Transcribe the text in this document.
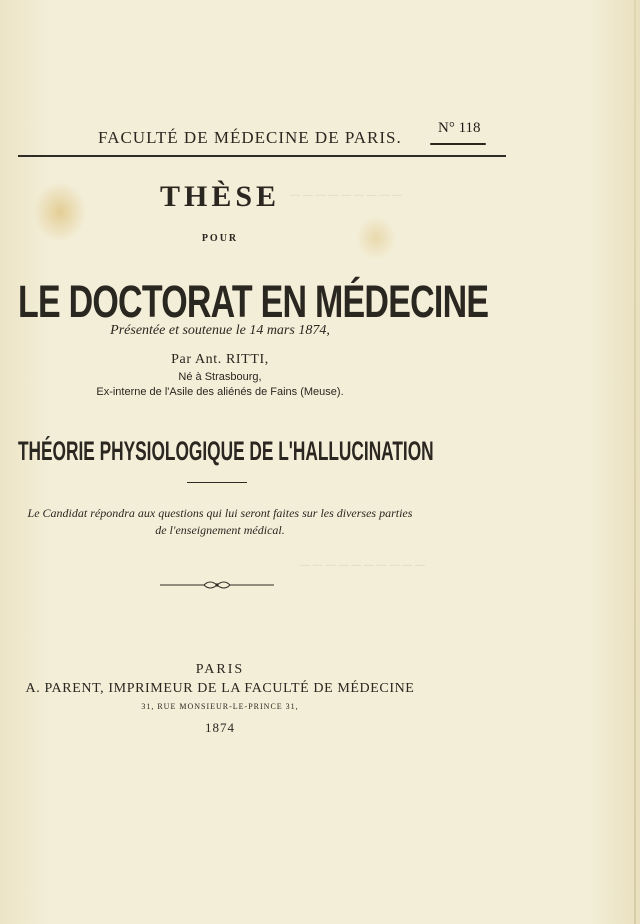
— — — — — — — — —
— — — — — — — — — —
FACULTÉ DE MÉDECINE DE PARIS. N° 118
THÈSE
POUR
LE DOCTORAT EN MÉDECINE
Présentée et soutenue le 14 mars 1874,
Par Ant. RITTI,
Né à Strasbourg,
Ex-interne de l'Asile des aliénés de Fains (Meuse).
THÉORIE PHYSIOLOGIQUE DE L'HALLUCINATION
Le Candidat répondra aux questions qui lui seront faites sur les diverses parties
de l'enseignement médical.
PARIS
A. PARENT, IMPRIMEUR DE LA FACULTÉ DE MÉDECINE
31, RUE MONSIEUR-LE-PRINCE 31,
1874
